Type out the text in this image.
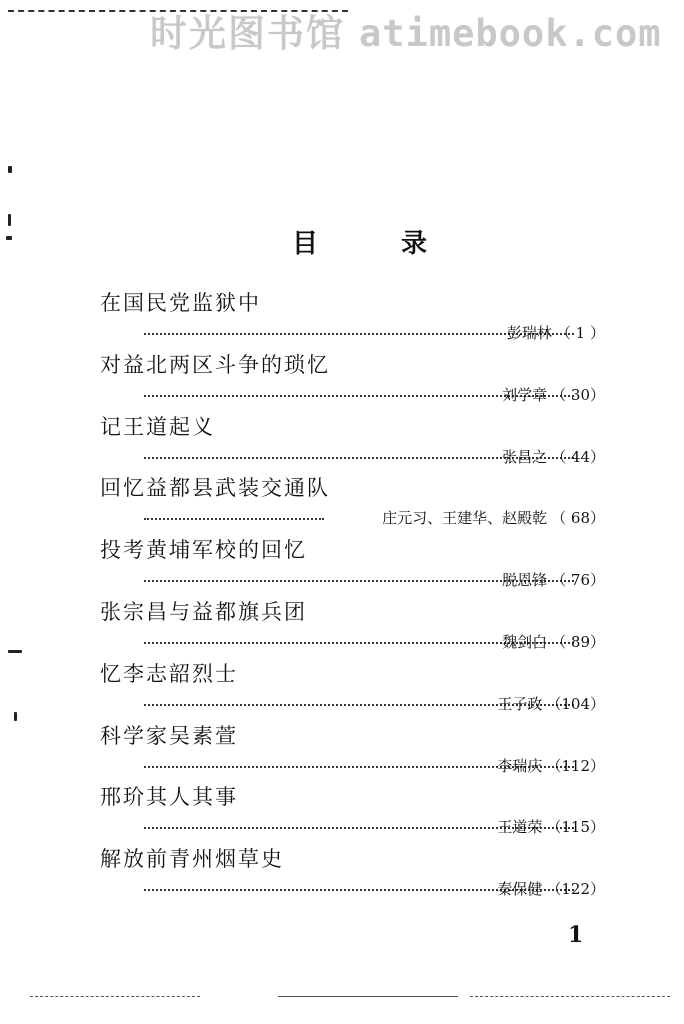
时光图书馆 atimebook.com
目	录
在国民党监狱中
彭瑞林 （ 1 ）
对益北两区斗争的琐忆
刘学章 （ 30）
记王道起义
张昌之 （ 44）
回忆益都县武装交通队
庄元习、王建华、赵殿乾 （ 68）
投考黄埔军校的回忆
脱恩锋 （ 76）
张宗昌与益都旗兵团
魏剑白 （ 89）
忆李志韶烈士
王子政 （104）
科学家吴素萱
李瑞庆 （112）
邢玠其人其事
王道荣 （115）
解放前青州烟草史
秦保健 （122）
1
